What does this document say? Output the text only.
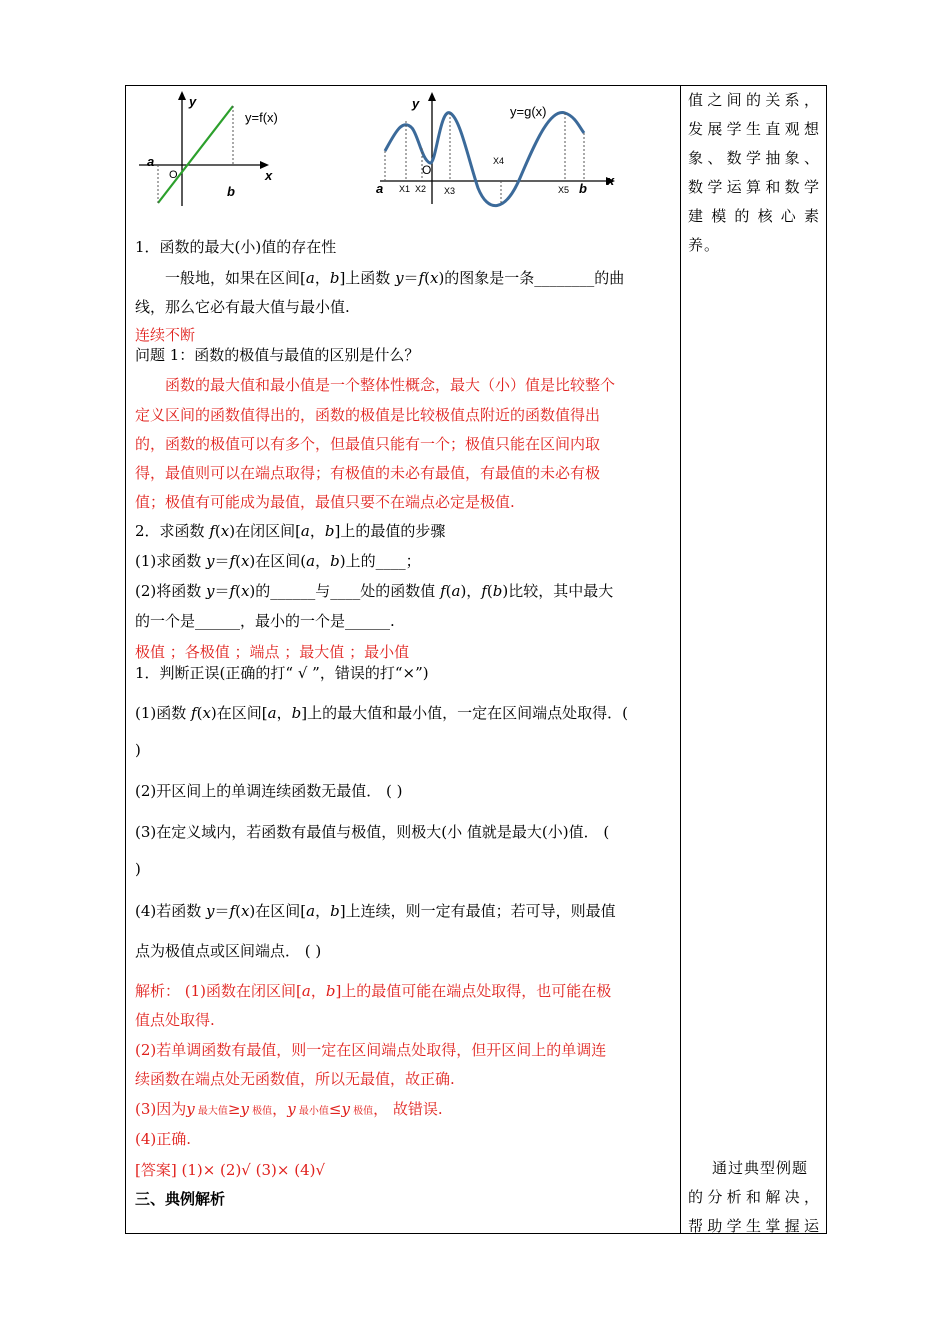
y
y=f(x)
a
O
b
x
y
y=g(x)
O
a X1 X2 X3
X4
X5 b
x
1．函数的最大(小)值的存在性
一般地，如果在区间[a，b]上函数 y＝f(x)的图象是一条________的曲
线，那么它必有最大值与最小值.
连续不断
问题 1：函数的极值与最值的区别是什么？
函数的最大值和最小值是一个整体性概念，最大（小）值是比较整个
定义区间的函数值得出的，函数的极值是比较极值点附近的函数值得出
的，函数的极值可以有多个，但最值只能有一个；极值只能在区间内取
得，最值则可以在端点取得；有极值的未必有最值，有最值的未必有极
值；极值有可能成为最值，最值只要不在端点必定是极值.
2．求函数 f(x)在闭区间[a，b]上的最值的步骤
(1)求函数 y＝f(x)在区间(a，b)上的____；
(2)将函数 y＝f(x)的______与____处的函数值 f(a)，f(b)比较，其中最大
的一个是______，最小的一个是______.
极值 ；各极值 ；端点 ；最大值 ；最小值
1．判断正误(正确的打“ √ ”，错误的打“×”)
(1)函数 f(x)在区间[a，b]上的最大值和最小值，一定在区间端点处取得．(
)
(2)开区间上的单调连续函数无最值． ( )
(3)在定义域内，若函数有最值与极值，则极大(小 值就是最大(小)值． (
)
(4)若函数 y＝f(x)在区间[a，b]上连续，则一定有最值；若可导，则最值
点为极值点或区间端点． ( )
解析： (1)函数在闭区间[a，b]上的最值可能在端点处取得，也可能在极
值点处取得.
(2)若单调函数有最值，则一定在区间端点处取得，但开区间上的单调连
续函数在端点处无函数值，所以无最值，故正确.
(3)因为y 最大值≥y 极值，y 最小值≤y 极值， 故错误.
(4)正确.
[答案] (1)× (2)√ (3)× (4)√
三、典例解析
值之间的关系，
发展学生直观想
象、数学抽象、
数学运算和数学
建模的核心素
养。
通过典型例题
的分析和解决，
帮助学生掌握运
